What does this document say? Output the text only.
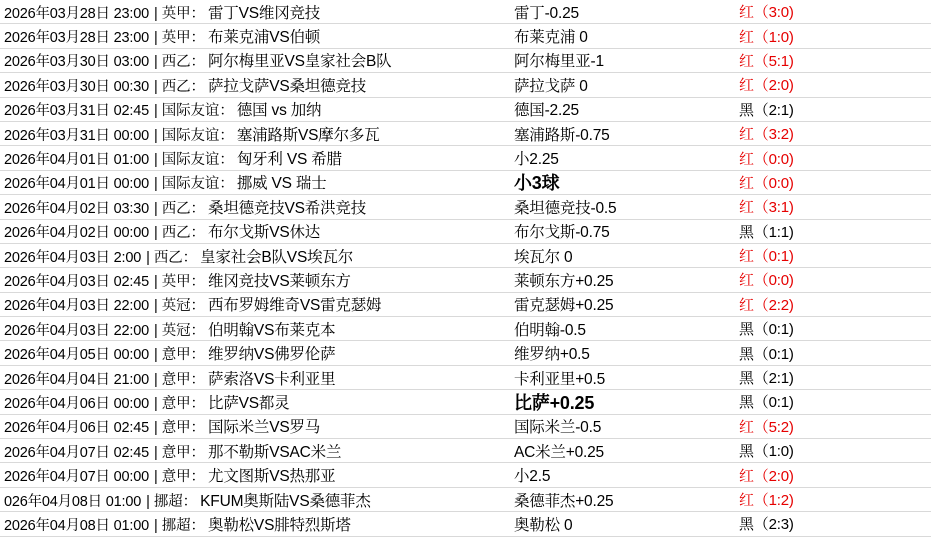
2026年03月28日 23:00 | 英甲 ： 雷丁VS维冈竞技	雷丁-0.25	红（3:0)
2026年03月28日 23:00 | 英甲 ： 布莱克浦VS伯顿	布莱克浦 0	红（1:0)
2026年03月30日 03:00 | 西乙 ： 阿尔梅里亚VS皇家社会B队	阿尔梅里亚-1	红（5:1)
2026年03月30日 00:30 | 西乙 ： 萨拉戈萨VS桑坦德竞技	萨拉戈萨 0	红（2:0)
2026年03月31日 02:45 | 国际友谊 ： 德国 vs 加纳	德国-2.25	黑（2:1)
2026年03月31日 00:00 | 国际友谊 ： 塞浦路斯VS摩尔多瓦	塞浦路斯-0.75	红（3:2)
2026年04月01日 01:00 | 国际友谊 ： 匈牙利 VS 希腊	小2.25	红（0:0)
2026年04月01日 00:00 | 国际友谊 ： 挪威 VS 瑞士	小3球	红（0:0)
2026年04月02日 03:30 | 西乙 ： 桑坦德竞技VS希洪竞技	桑坦德竞技-0.5	红（3:1)
2026年04月02日 00:00 | 西乙 ： 布尔戈斯VS休达	布尔戈斯-0.75	黑（1:1)
2026年04月03日 2:00 | 西乙 ： 皇家社会B队VS埃瓦尔	埃瓦尔 0	红（0:1)
2026年04月03日 02:45 | 英甲 ： 维冈竞技VS莱顿东方	莱顿东方+0.25	红（0:0)
2026年04月03日 22:00 | 英冠 ： 西布罗姆维奇VS雷克瑟姆	雷克瑟姆+0.25	红（2:2)
2026年04月03日 22:00 | 英冠 ： 伯明翰VS布莱克本	伯明翰-0.5	黑（0:1)
2026年04月05日 00:00 | 意甲 ： 维罗纳VS佛罗伦萨	维罗纳+0.5	黑（0:1)
2026年04月04日 21:00 | 意甲 ： 萨索洛VS卡利亚里	卡利亚里+0.5	黑（2:1)
2026年04月06日 00:00 | 意甲 ： 比萨VS都灵	比萨+0.25	黑（0:1)
2026年04月06日 02:45 | 意甲 ： 国际米兰VS罗马	国际米兰-0.5	红（5:2)
2026年04月07日 02:45 | 意甲 ： 那不勒斯VSAC米兰	AC米兰+0.25	黑（1:0)
2026年04月07日 00:00 | 意甲 ： 尤文图斯VS热那亚	小2.5	红（2:0)
026年04月08日 01:00 | 挪超 ： KFUM奥斯陆VS桑德菲杰	桑德菲杰+0.25	红（1:2)
2026年04月08日 01:00 | 挪超 ： 奥勒松VS腓特烈斯塔	奥勒松 0	黑（2:3)
